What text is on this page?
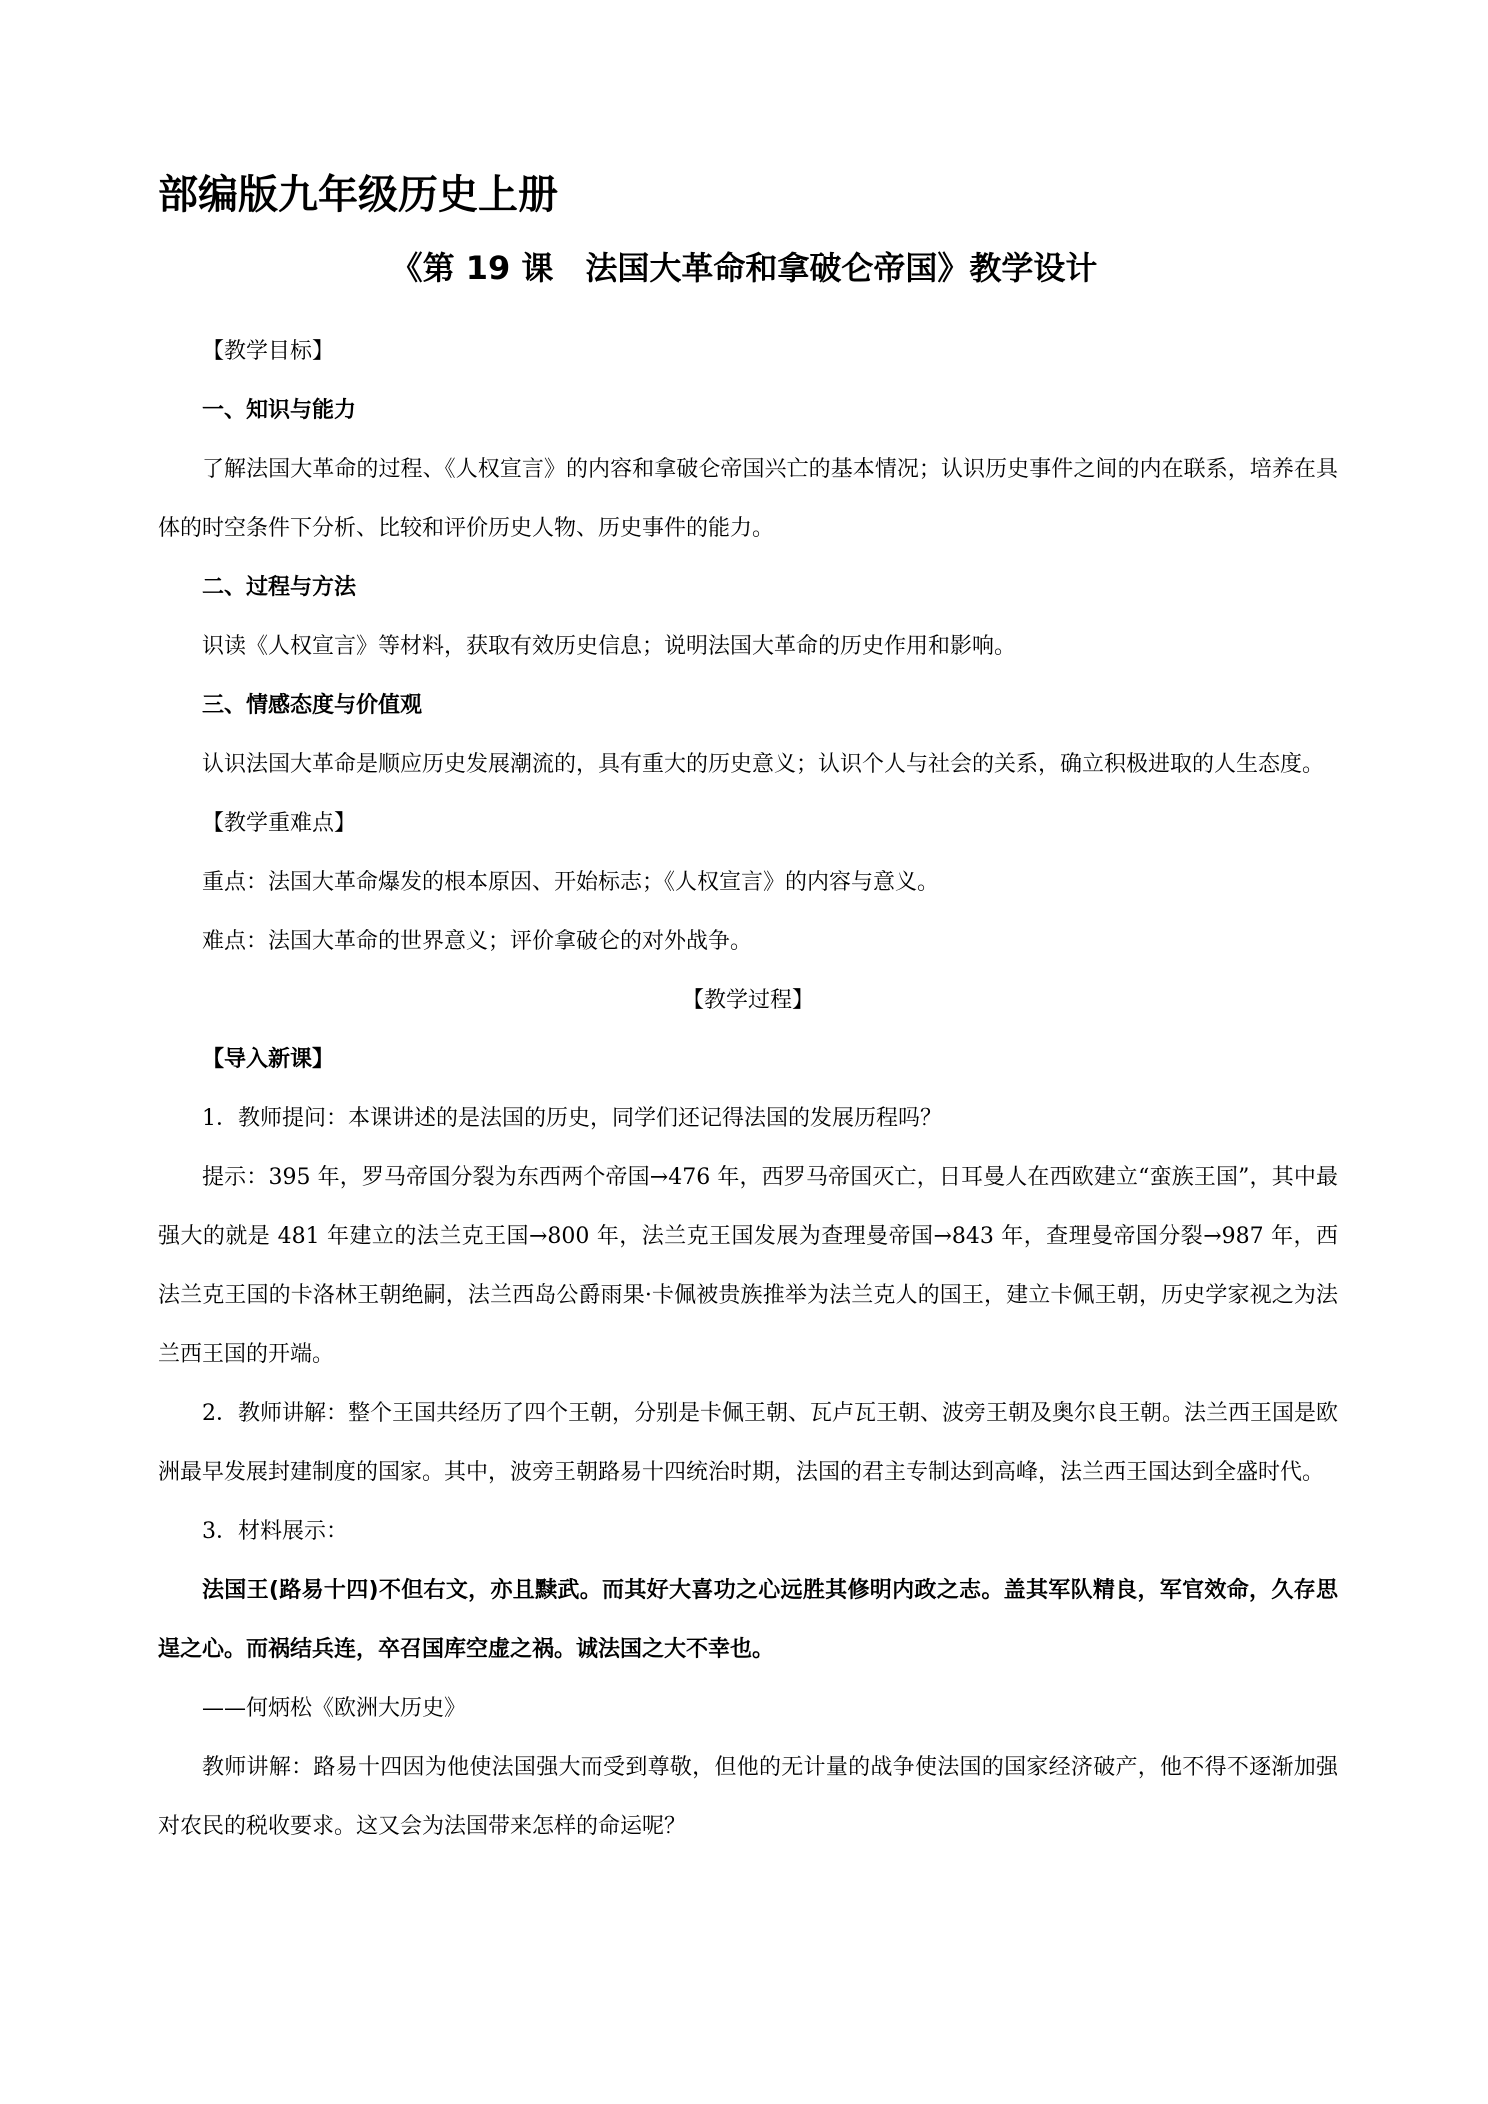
部编版九年级历史上册
《第 19 课　法国大革命和拿破仑帝国》教学设计

【教学目标】

一、知识与能力

了解法国大革命的过程、《人权宣言》的内容和拿破仑帝国兴亡的基本情况；认识历史事件之间的内在联系，培养在具体的时空条件下分析、比较和评价历史人物、历史事件的能力。

二、过程与方法

识读《人权宣言》等材料，获取有效历史信息；说明法国大革命的历史作用和影响。

三、情感态度与价值观

认识法国大革命是顺应历史发展潮流的，具有重大的历史意义；认识个人与社会的关系，确立积极进取的人生态度。

【教学重难点】

重点：法国大革命爆发的根本原因、开始标志；《人权宣言》的内容与意义。

难点：法国大革命的世界意义；评价拿破仑的对外战争。

【教学过程】

【导入新课】

1．教师提问：本课讲述的是法国的历史，同学们还记得法国的发展历程吗？

提示：395 年，罗马帝国分裂为东西两个帝国→476 年，西罗马帝国灭亡，日耳曼人在西欧建立“蛮族王国”，其中最强大的就是 481 年建立的法兰克王国→800 年，法兰克王国发展为查理曼帝国→843 年，查理曼帝国分裂→987 年，西法兰克王国的卡洛林王朝绝嗣，法兰西岛公爵雨果·卡佩被贵族推举为法兰克人的国王，建立卡佩王朝，历史学家视之为法兰西王国的开端。

2．教师讲解：整个王国共经历了四个王朝，分别是卡佩王朝、瓦卢瓦王朝、波旁王朝及奥尔良王朝。法兰西王国是欧洲最早发展封建制度的国家。其中，波旁王朝路易十四统治时期，法国的君主专制达到高峰，法兰西王国达到全盛时代。

3．材料展示：

法国王(路易十四)不但右文，亦且黩武。而其好大喜功之心远胜其修明内政之志。盖其军队精良，军官效命，久存思逞之心。而祸结兵连，卒召国库空虚之祸。诚法国之大不幸也。

——何炳松《欧洲大历史》

教师讲解：路易十四因为他使法国强大而受到尊敬，但他的无计量的战争使法国的国家经济破产，他不得不逐渐加强对农民的税收要求。这又会为法国带来怎样的命运呢？
